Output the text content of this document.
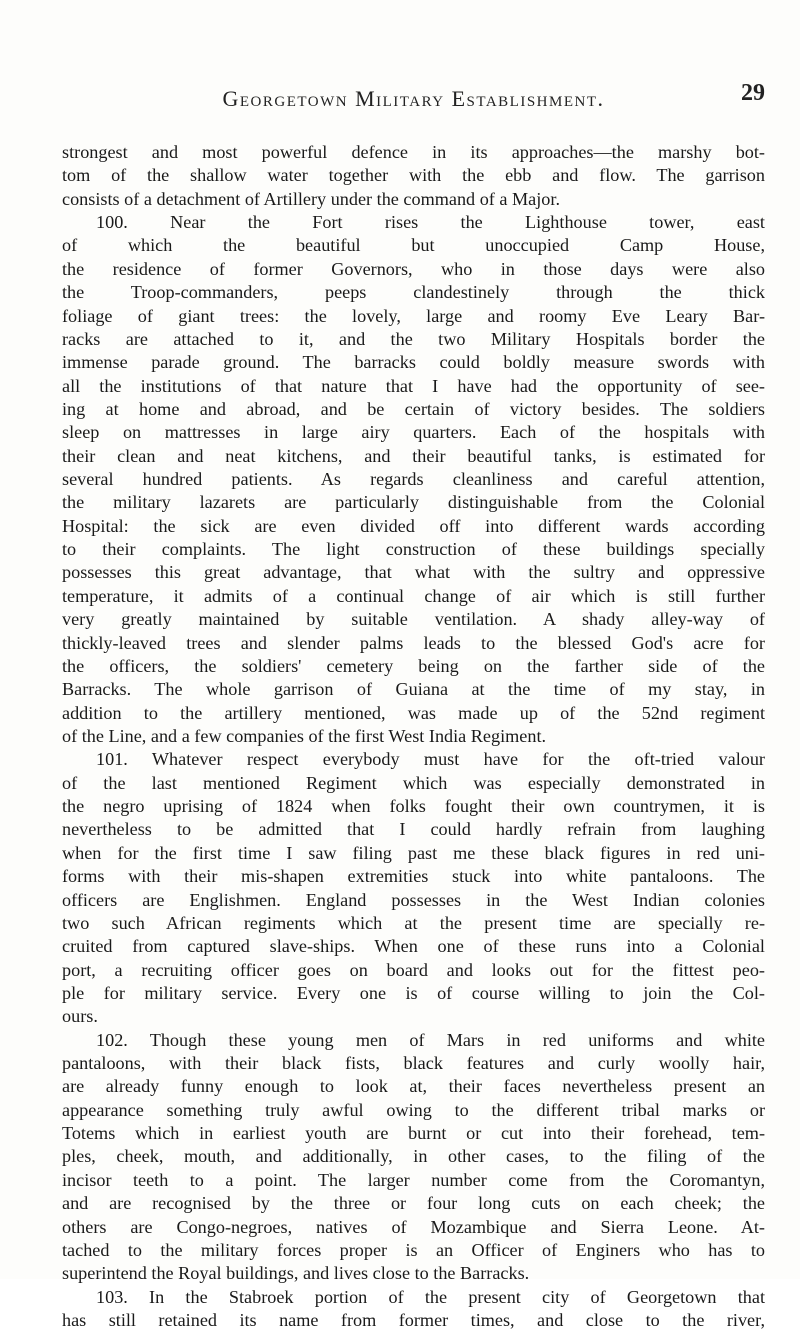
Georgetown Military Establishment.	29
strongest and most powerful defence in its approaches—the marshy bot-
tom of the shallow water together with the ebb and flow. The garrison
consists of a detachment of Artillery under the command of a Major.
100. Near the Fort rises the Lighthouse tower, east
of which the beautiful but unoccupied Camp House,
the residence of former Governors, who in those days were also
the Troop-commanders, peeps clandestinely through the thick
foliage of giant trees: the lovely, large and roomy Eve Leary Bar-
racks are attached to it, and the two Military Hospitals border the
immense parade ground. The barracks could boldly measure swords with
all the institutions of that nature that I have had the opportunity of see-
ing at home and abroad, and be certain of victory besides. The soldiers
sleep on mattresses in large airy quarters. Each of the hospitals with
their clean and neat kitchens, and their beautiful tanks, is estimated for
several hundred patients. As regards cleanliness and careful attention,
the military lazarets are particularly distinguishable from the Colonial
Hospital: the sick are even divided off into different wards according
to their complaints. The light construction of these buildings specially
possesses this great advantage, that what with the sultry and oppressive
temperature, it admits of a continual change of air which is still further
very greatly maintained by suitable ventilation. A shady alley-way of
thickly-leaved trees and slender palms leads to the blessed God's acre for
the officers, the soldiers' cemetery being on the farther side of the
Barracks. The whole garrison of Guiana at the time of my stay, in
addition to the artillery mentioned, was made up of the 52nd regiment
of the Line, and a few companies of the first West India Regiment.
101. Whatever respect everybody must have for the oft-tried valour
of the last mentioned Regiment which was especially demonstrated in
the negro uprising of 1824 when folks fought their own countrymen, it is
nevertheless to be admitted that I could hardly refrain from laughing
when for the first time I saw filing past me these black figures in red uni-
forms with their mis-shapen extremities stuck into white pantaloons. The
officers are Englishmen. England possesses in the West Indian colonies
two such African regiments which at the present time are specially re-
cruited from captured slave-ships. When one of these runs into a Colonial
port, a recruiting officer goes on board and looks out for the fittest peo-
ple for military service. Every one is of course willing to join the Col-
ours.
102. Though these young men of Mars in red uniforms and white
pantaloons, with their black fists, black features and curly woolly hair,
are already funny enough to look at, their faces nevertheless present an
appearance something truly awful owing to the different tribal marks or
Totems which in earliest youth are burnt or cut into their forehead, tem-
ples, cheek, mouth, and additionally, in other cases, to the filing of the
incisor teeth to a point. The larger number come from the Coromantyn,
and are recognised by the three or four long cuts on each cheek; the
others are Congo-negroes, natives of Mozambique and Sierra Leone. At-
tached to the military forces proper is an Officer of Enginers who has to
superintend the Royal buildings, and lives close to the Barracks.
103. In the Stabroek portion of the present city of Georgetown that
has still retained its name from former times, and close to the river,
